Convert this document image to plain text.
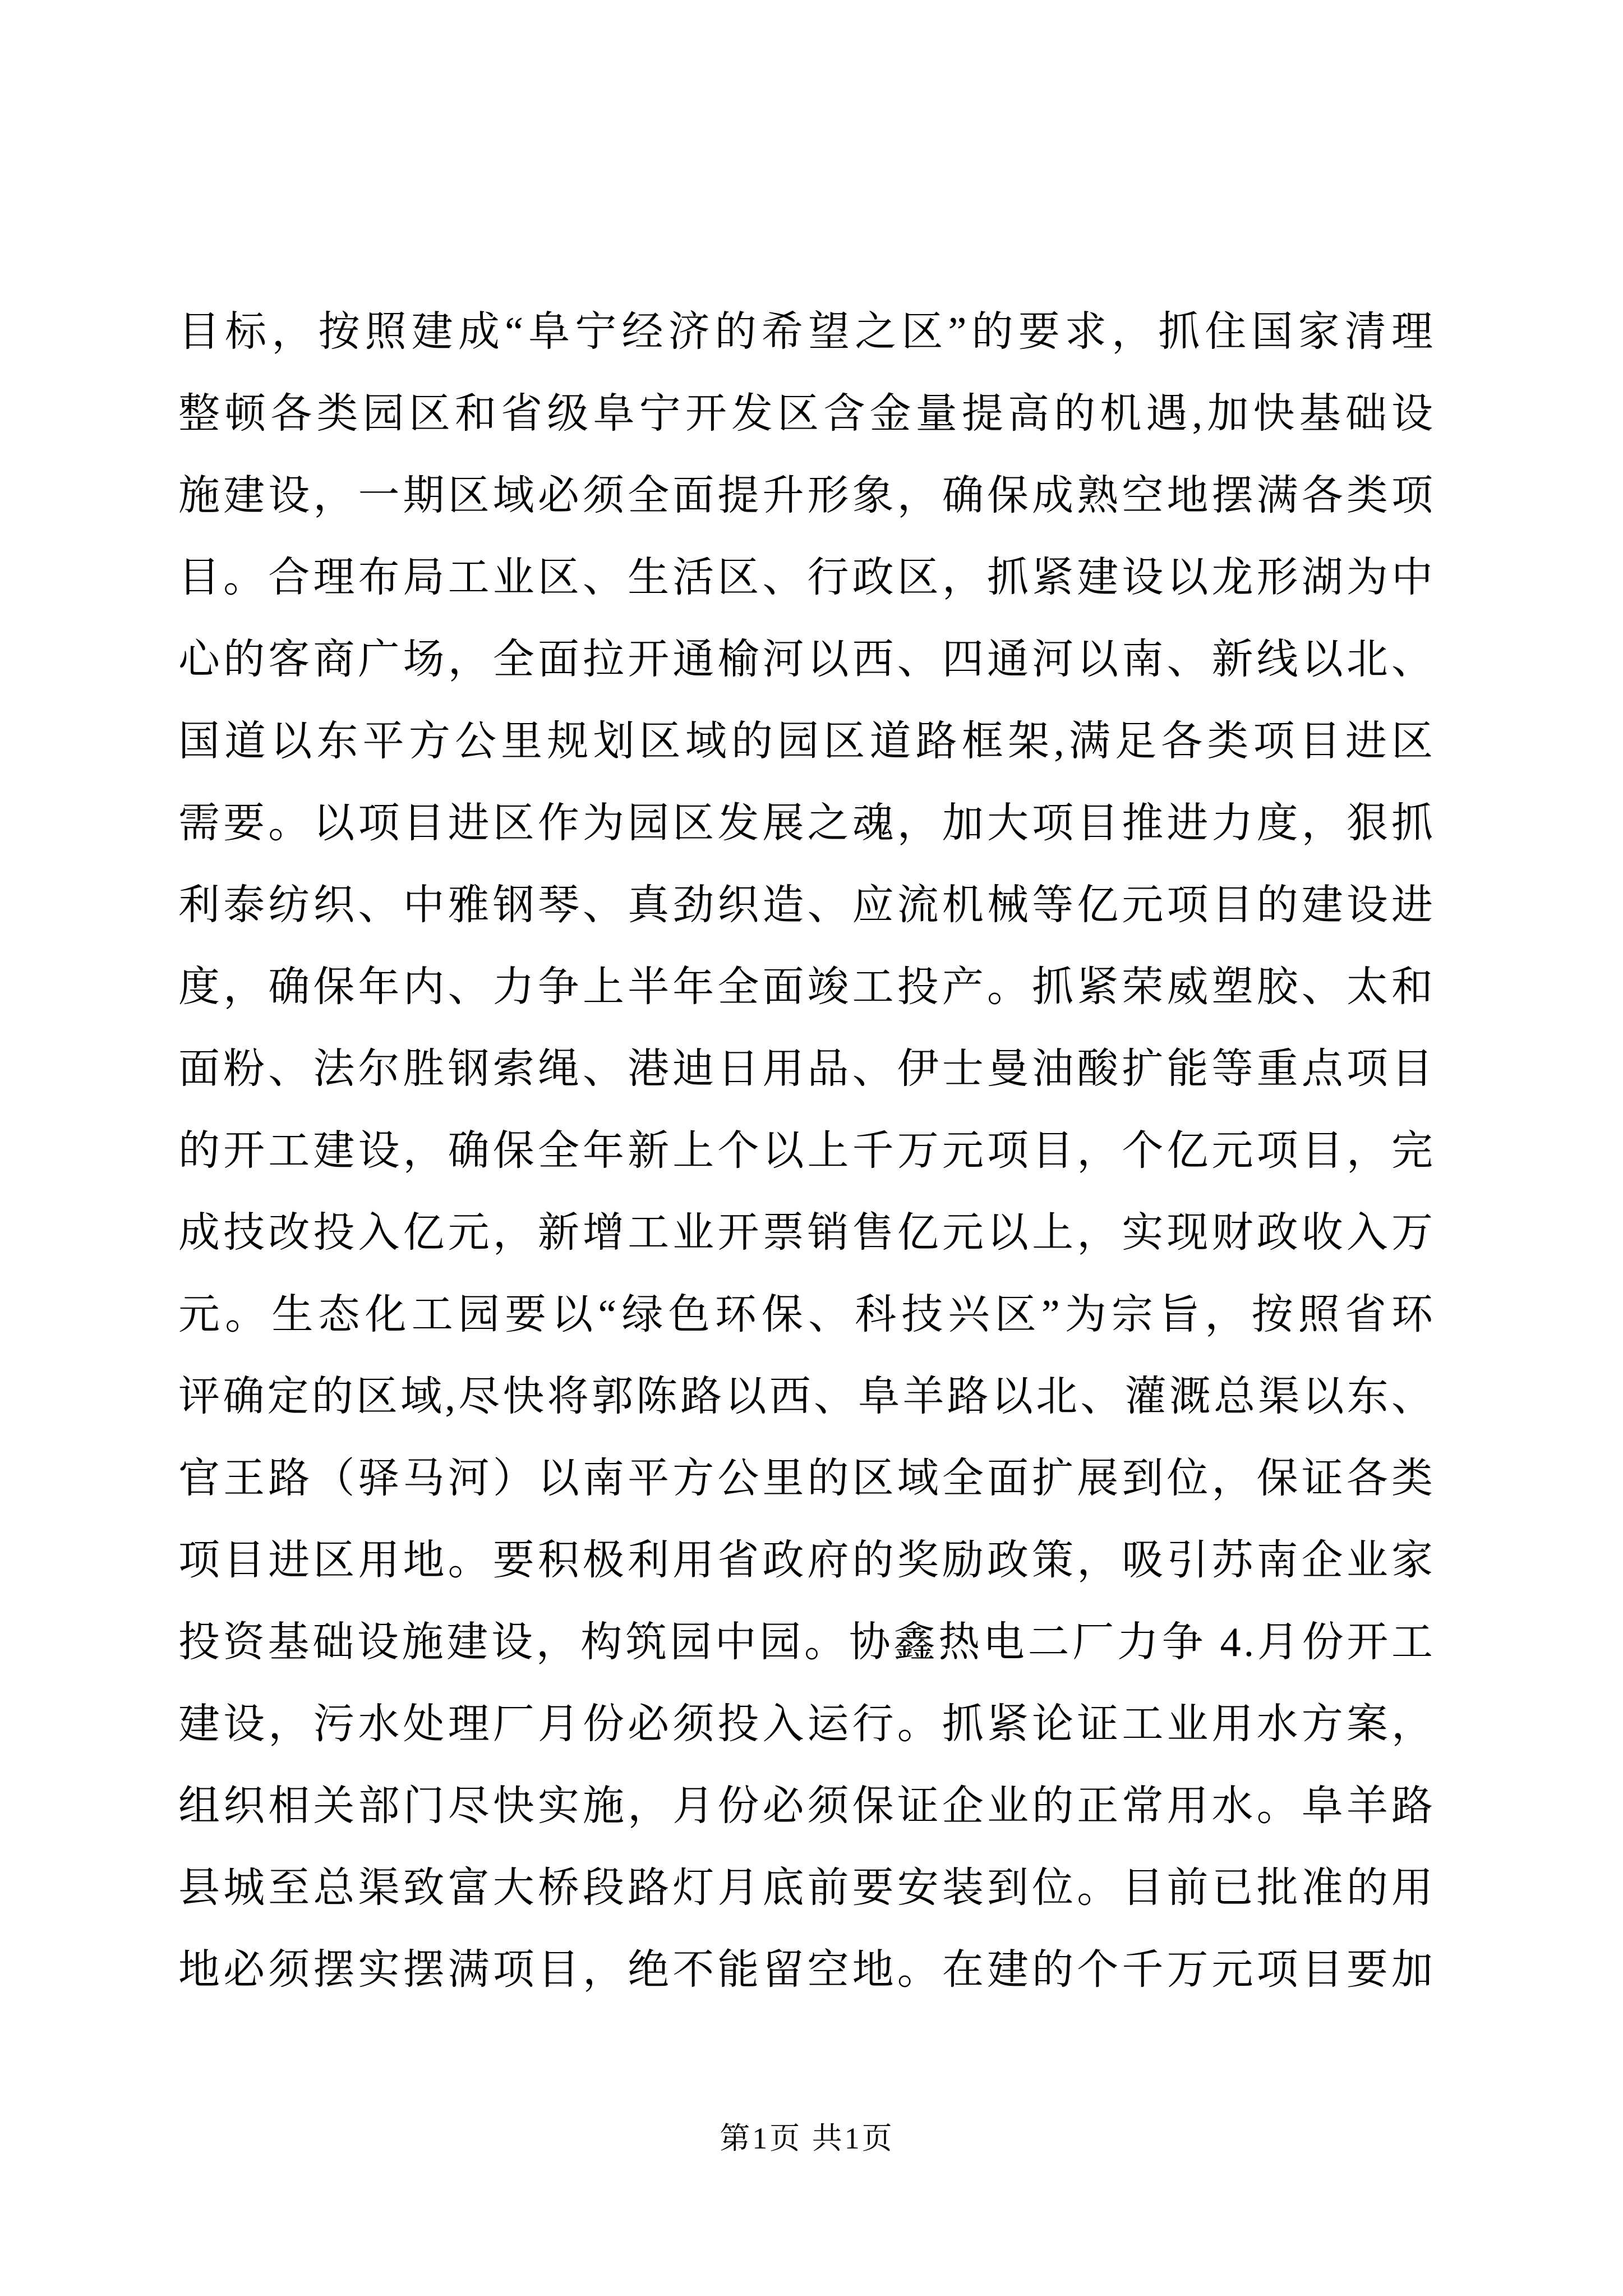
目标，按照建成“阜宁经济的希望之区”的要求，抓住国家清理
整顿各类园区和省级阜宁开发区含金量提高的机遇,加快基础设
施建设，一期区域必须全面提升形象，确保成熟空地摆满各类项
目。合理布局工业区、生活区、行政区，抓紧建设以龙形湖为中
心的客商广场，全面拉开通榆河以西、四通河以南、新线以北、
国道以东平方公里规划区域的园区道路框架,满足各类项目进区
需要。以项目进区作为园区发展之魂，加大项目推进力度，狠抓
利泰纺织、中雅钢琴、真劲织造、应流机械等亿元项目的建设进
度，确保年内、力争上半年全面竣工投产。抓紧荣威塑胶、太和
面粉、法尔胜钢索绳、港迪日用品、伊士曼油酸扩能等重点项目
的开工建设，确保全年新上个以上千万元项目，个亿元项目，完
成技改投入亿元，新增工业开票销售亿元以上，实现财政收入万
元。生态化工园要以“绿色环保、科技兴区”为宗旨，按照省环
评确定的区域,尽快将郭陈路以西、阜羊路以北、灌溉总渠以东、
官王路（驿马河）以南平方公里的区域全面扩展到位，保证各类
项目进区用地。要积极利用省政府的奖励政策，吸引苏南企业家
投资基础设施建设，构筑园中园。协鑫热电二厂力争 4.月份开工
建设，污水处理厂月份必须投入运行。抓紧论证工业用水方案，
组织相关部门尽快实施，月份必须保证企业的正常用水。阜羊路
县城至总渠致富大桥段路灯月底前要安装到位。目前已批准的用
地必须摆实摆满项目，绝不能留空地。在建的个千万元项目要加
第1页 共1页
